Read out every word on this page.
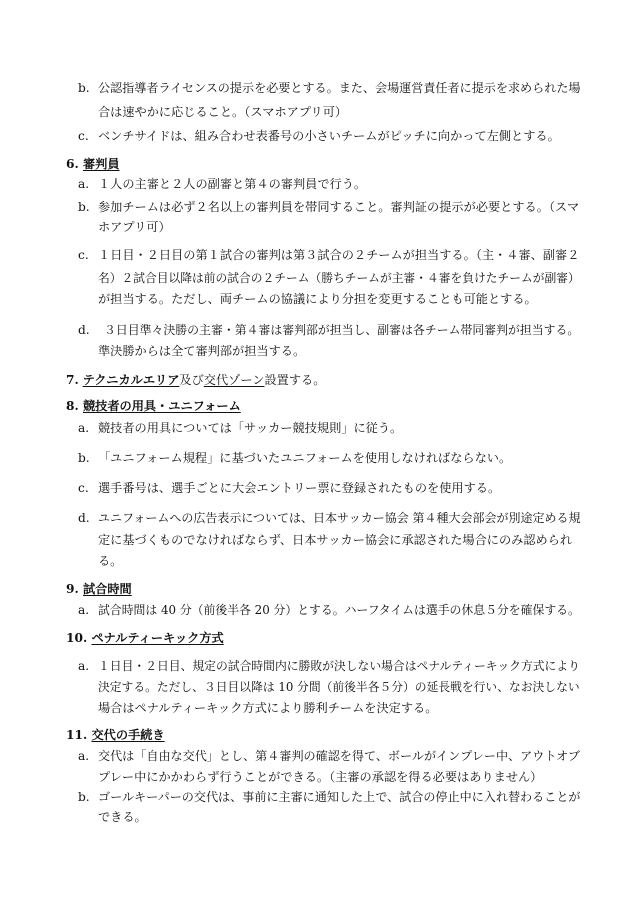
b. 公認指導者ライセンスの提示を必要とする。また、会場運営責任者に提示を求められた場
合は速やかに応じること。（スマホアプリ可）
c. ベンチサイドは、組み合わせ表番号の小さいチームがピッチに向かって左側とする。
6. 審判員
a. １人の主審と２人の副審と第４の審判員で行う。
b. 参加チームは必ず２名以上の審判員を帯同すること。審判証の提示が必要とする。（スマ
ホアプリ可）
c. １日目・２日目の第１試合の審判は第３試合の２チームが担当する。（主・４審、副審２
名）２試合目以降は前の試合の２チーム（勝ちチームが主審・４審を負けたチームが副審）
が担当する。ただし、両チームの協議により分担を変更することも可能とする。
d. ３日目準々決勝の主審・第４審は審判部が担当し、副審は各チーム帯同審判が担当する。
準決勝からは全て審判部が担当する。
7. テクニカルエリア及び交代ゾーン設置する。
8. 競技者の用具・ユニフォーム
a. 競技者の用具については「サッカー競技規則」に従う。
b. 「ユニフォーム規程」に基づいたユニフォームを使用しなければならない。
c. 選手番号は、選手ごとに大会エントリー票に登録されたものを使用する。
d. ユニフォームへの広告表示については、日本サッカー協会 第４種大会部会が別途定める規
定に基づくものでなければならず、日本サッカー協会に承認された場合にのみ認められ
る。
9. 試合時間
a. 試合時間は 40 分（前後半各 20 分）とする。ハーフタイムは選手の休息５分を確保する。
10. ペナルティーキック方式
a. １日目・２日目、規定の試合時間内に勝敗が決しない場合はペナルティーキック方式により
決定する。ただし、３日目以降は 10 分間（前後半各５分）の延長戦を行い、なお決しない
場合はペナルティーキック方式により勝利チームを決定する。
11. 交代の手続き
a. 交代は「自由な交代」とし、第４審判の確認を得て、ボールがインプレー中、アウトオブ
プレー中にかかわらず行うことができる。（主審の承認を得る必要はありません）
b. ゴールキーパーの交代は、事前に主審に通知した上で、試合の停止中に入れ替わることが
できる。
